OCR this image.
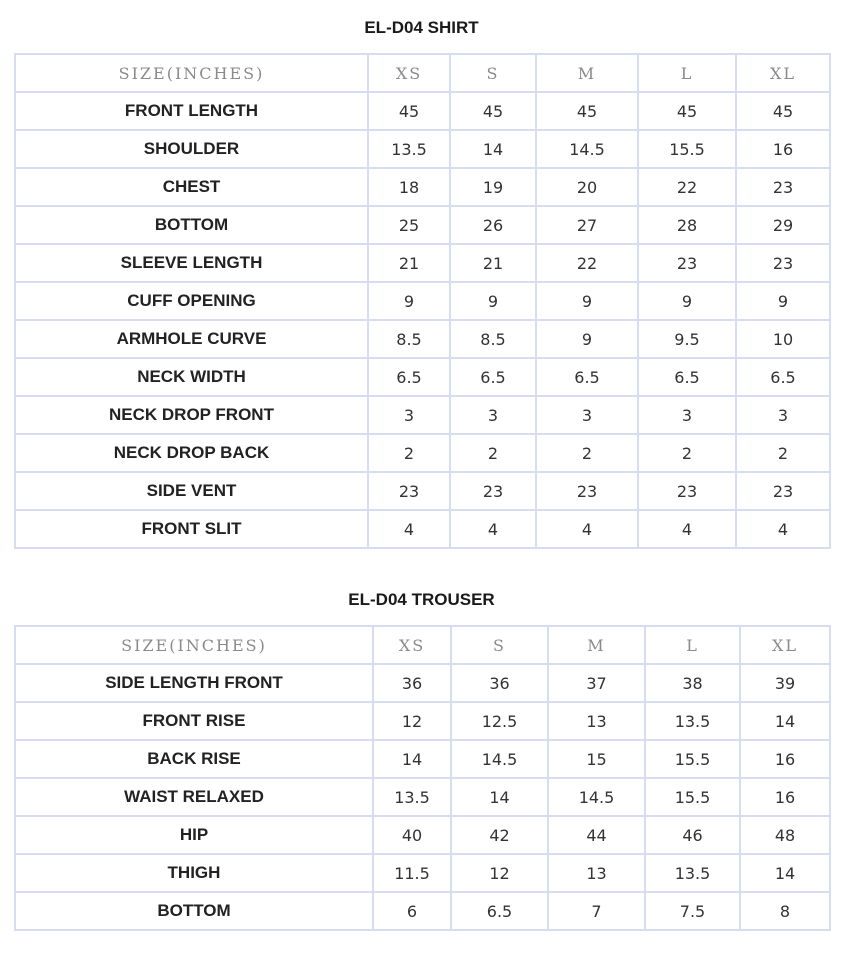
EL-D04 SHIRT
SIZE(INCHES)	XS	S	M	L	XL
FRONT LENGTH	45	45	45	45	45
SHOULDER	13.5	14	14.5	15.5	16
CHEST	18	19	20	22	23
BOTTOM	25	26	27	28	29
SLEEVE LENGTH	21	21	22	23	23
CUFF OPENING	9	9	9	9	9
ARMHOLE CURVE	8.5	8.5	9	9.5	10
NECK WIDTH	6.5	6.5	6.5	6.5	6.5
NECK DROP FRONT	3	3	3	3	3
NECK DROP BACK	2	2	2	2	2
SIDE VENT	23	23	23	23	23
FRONT SLIT	4	4	4	4	4
EL-D04 TROUSER
SIZE(INCHES)	XS	S	M	L	XL
SIDE LENGTH FRONT	36	36	37	38	39
FRONT RISE	12	12.5	13	13.5	14
BACK RISE	14	14.5	15	15.5	16
WAIST RELAXED	13.5	14	14.5	15.5	16
HIP	40	42	44	46	48
THIGH	11.5	12	13	13.5	14
BOTTOM	6	6.5	7	7.5	8
